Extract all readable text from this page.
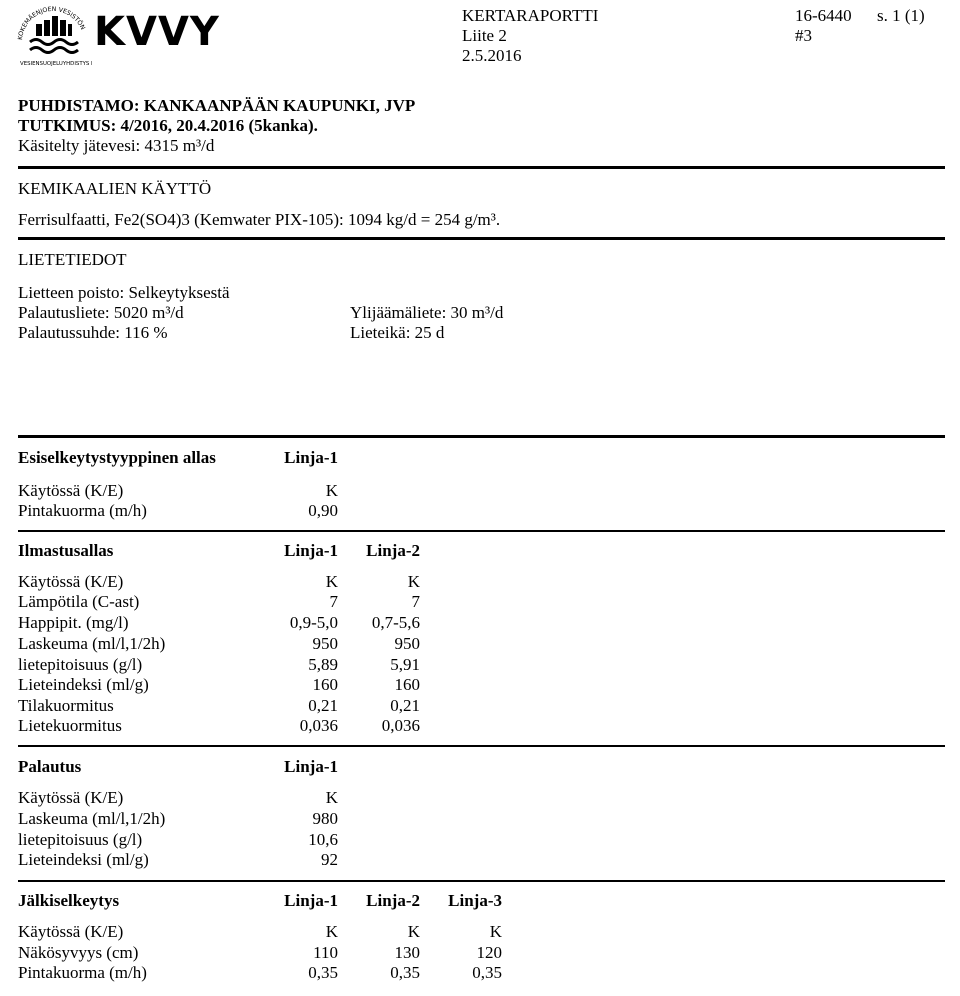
KOKEMÄENJOEN VESISTÖN
VESIENSUOJELUYHDISTYS RY
KVVY	KERTARAPORTTI
Liite 2
2.5.2016
16-6440 s. 1 (1)
#3
PUHDISTAMO: KANKAANPÄÄN KAUPUNKI, JVP
TUTKIMUS: 4/2016, 20.4.2016 (5kanka).
Käsitelty jätevesi: 4315 m³/d
KEMIKAALIEN KÄYTTÖ
Ferrisulfaatti, Fe2(SO4)3 (Kemwater PIX-105): 1094 kg/d = 254 g/m³.
LIETETIEDOT
Lietteen poisto: Selkeytyksestä
Palautusliete: 5020 m³/d	Ylijäämäliete: 30 m³/d
Palautussuhde: 116 %	Lieteikä: 25 d
Esiselkeytystyyppinen allas	Linja-1
Käytössä (K/E)	K
Pintakuorma (m/h)	0,90
Ilmastusallas	Linja-1	Linja-2
Käytössä (K/E)	K	K
Lämpötila (C-ast)	7	7
Happipit. (mg/l)	0,9-5,0	0,7-5,6
Laskeuma (ml/l,1/2h)	950	950
lietepitoisuus (g/l)	5,89	5,91
Lieteindeksi (ml/g)	160	160
Tilakuormitus	0,21	0,21
Lietekuormitus	0,036	0,036
Palautus	Linja-1
Käytössä (K/E)	K
Laskeuma (ml/l,1/2h)	980
lietepitoisuus (g/l)	10,6
Lieteindeksi (ml/g)	92
Jälkiselkeytys	Linja-1	Linja-2	Linja-3
Käytössä (K/E)	K	K	K
Näkösyvyys (cm)	110	130	120
Pintakuorma (m/h)	0,35	0,35	0,35
